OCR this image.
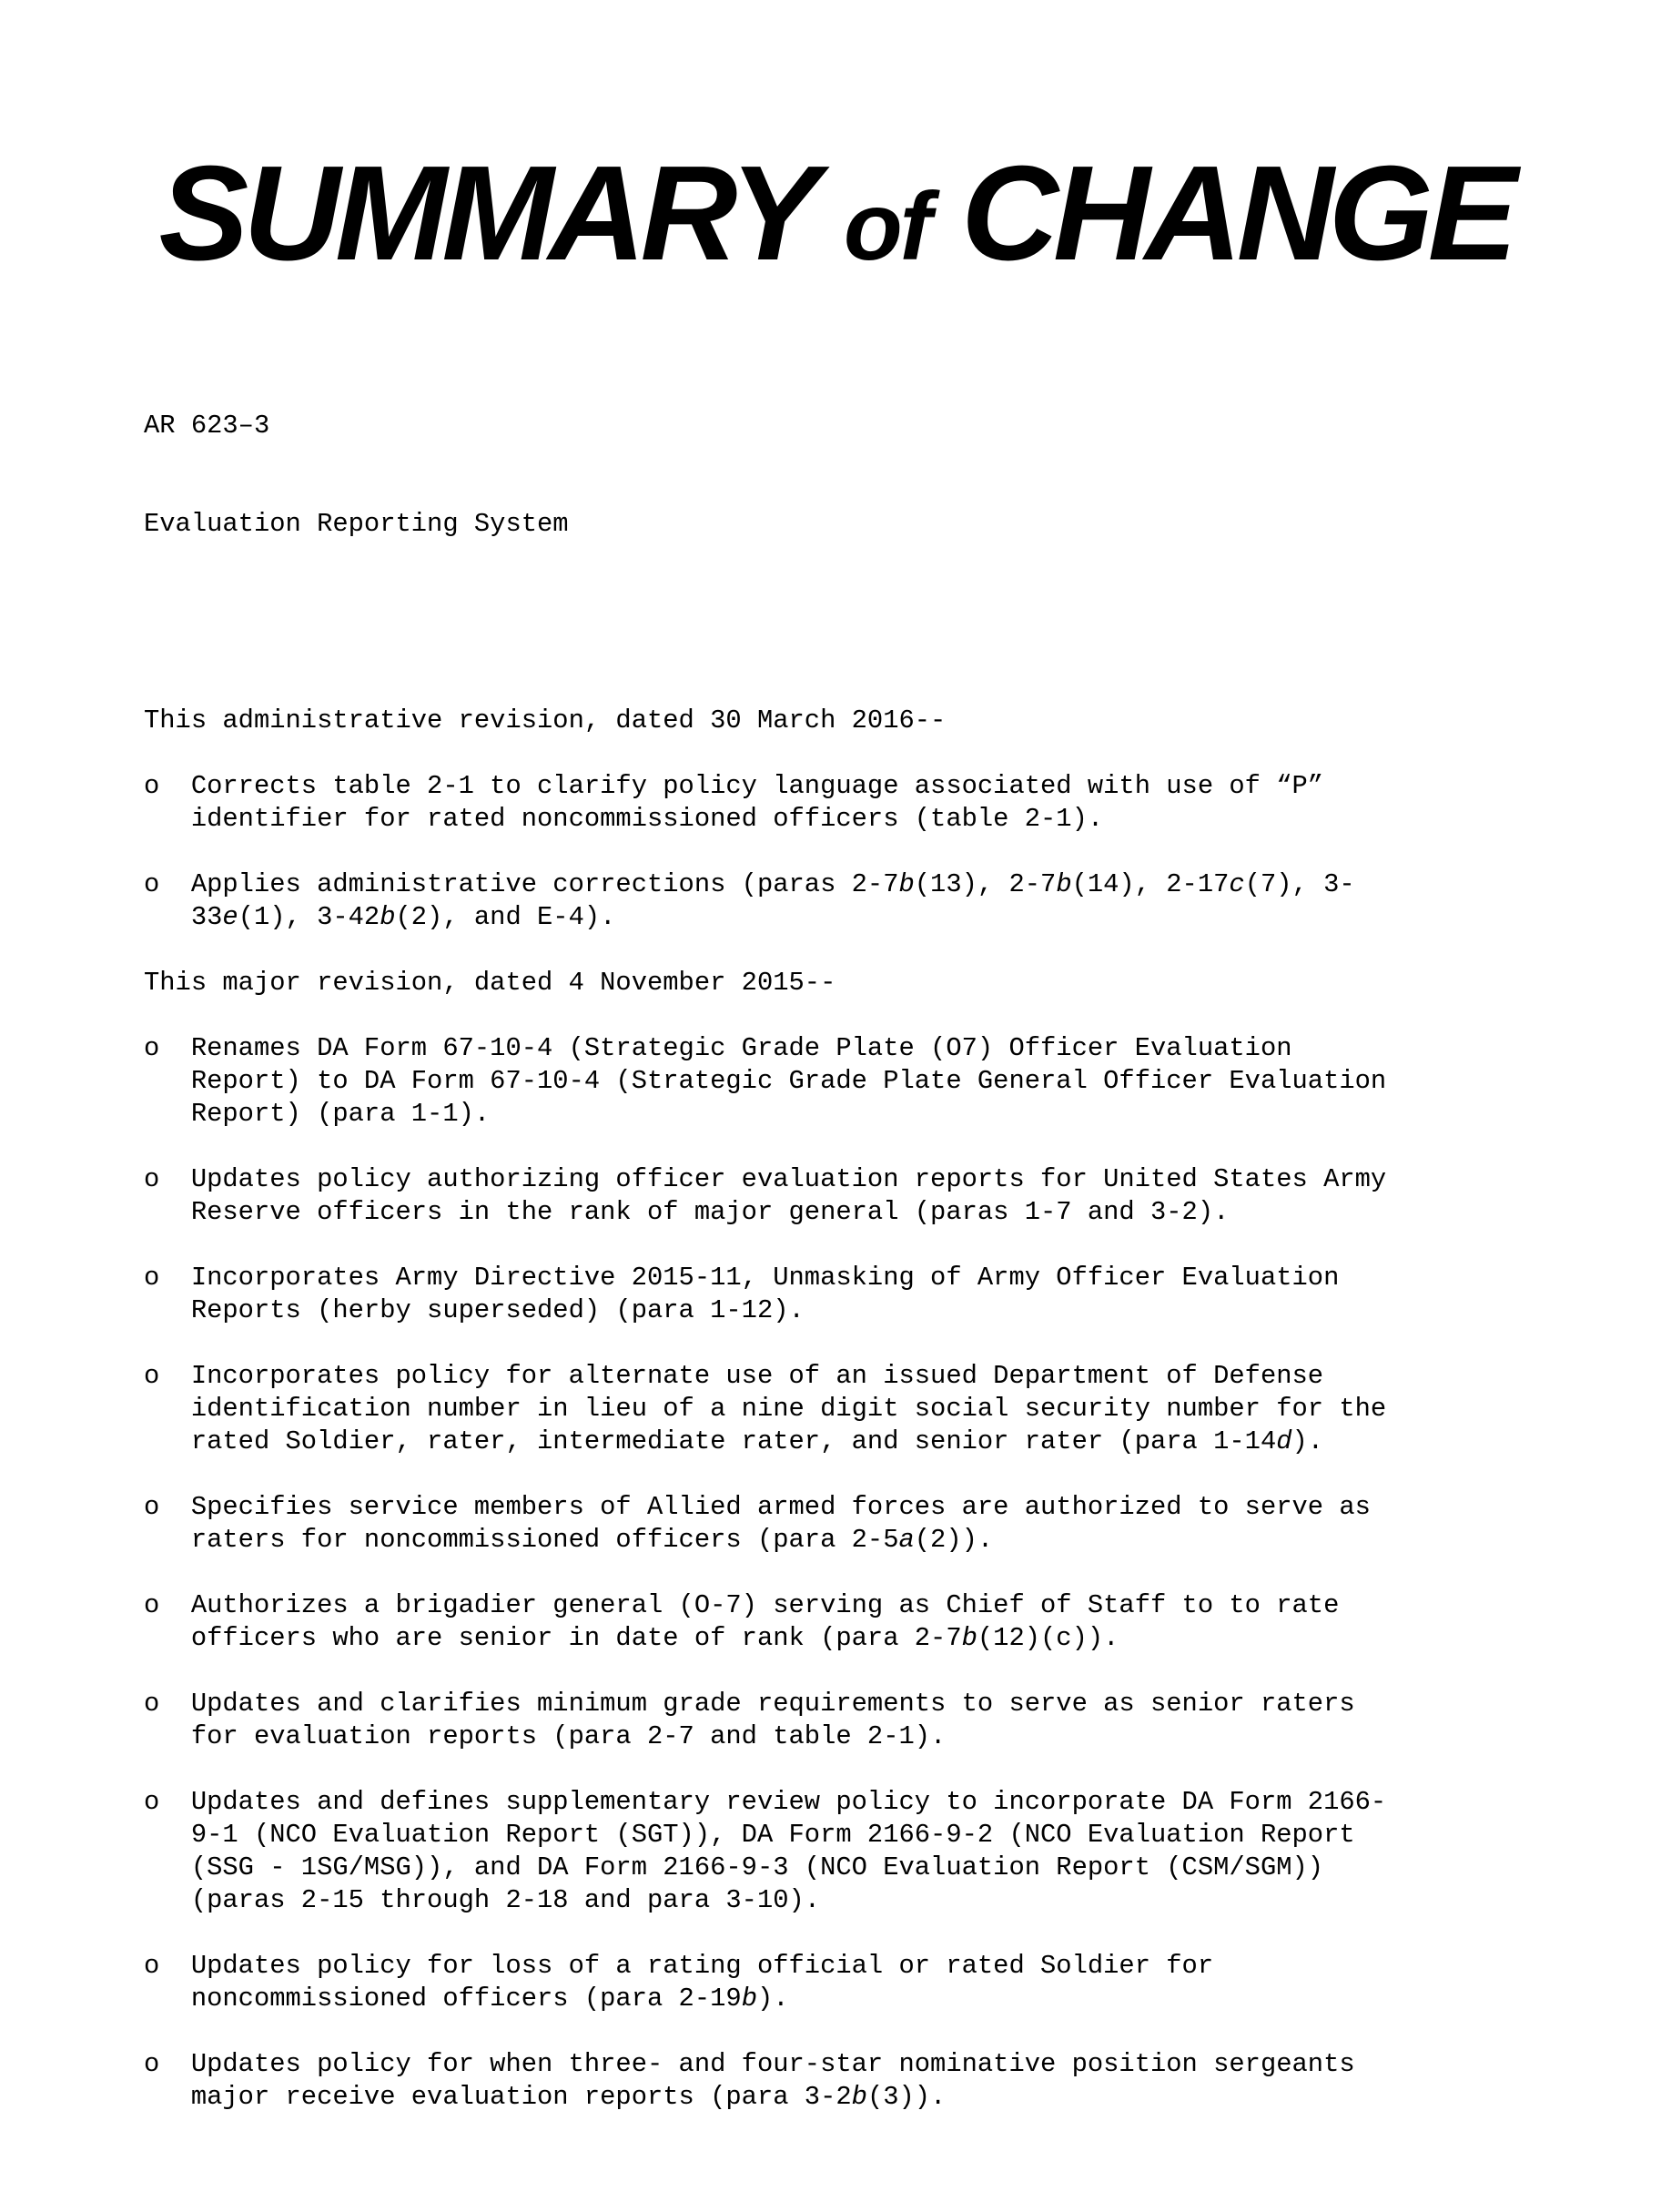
SUMMARY of CHANGE

AR 623–3

Evaluation Reporting System

This administrative revision, dated 30 March 2016--
o  Corrects table 2-1 to clarify policy language associated with use of “P”
identifier for rated noncommissioned officers (table 2-1).
o  Applies administrative corrections (paras 2-7b(13), 2-7b(14), 2-17c(7), 3-
33e(1), 3-42b(2), and E-4).
This major revision, dated 4 November 2015--
o  Renames DA Form 67-10-4 (Strategic Grade Plate (O7) Officer Evaluation
Report) to DA Form 67-10-4 (Strategic Grade Plate General Officer Evaluation
Report) (para 1-1).
o  Updates policy authorizing officer evaluation reports for United States Army
Reserve officers in the rank of major general (paras 1-7 and 3-2).
o  Incorporates Army Directive 2015-11, Unmasking of Army Officer Evaluation
Reports (herby superseded) (para 1-12).
o  Incorporates policy for alternate use of an issued Department of Defense
identification number in lieu of a nine digit social security number for the
rated Soldier, rater, intermediate rater, and senior rater (para 1-14d).
o  Specifies service members of Allied armed forces are authorized to serve as
raters for noncommissioned officers (para 2-5a(2)).
o  Authorizes a brigadier general (O-7) serving as Chief of Staff to to rate
officers who are senior in date of rank (para 2-7b(12)(c)).
o  Updates and clarifies minimum grade requirements to serve as senior raters
for evaluation reports (para 2-7 and table 2-1).
o  Updates and defines supplementary review policy to incorporate DA Form 2166-
9-1 (NCO Evaluation Report (SGT)), DA Form 2166-9-2 (NCO Evaluation Report
(SSG - 1SG/MSG)), and DA Form 2166-9-3 (NCO Evaluation Report (CSM/SGM))
(paras 2-15 through 2-18 and para 3-10).
o  Updates policy for loss of a rating official or rated Soldier for
noncommissioned officers (para 2-19b).
o  Updates policy for when three- and four-star nominative position sergeants
major receive evaluation reports (para 3-2b(3)).
